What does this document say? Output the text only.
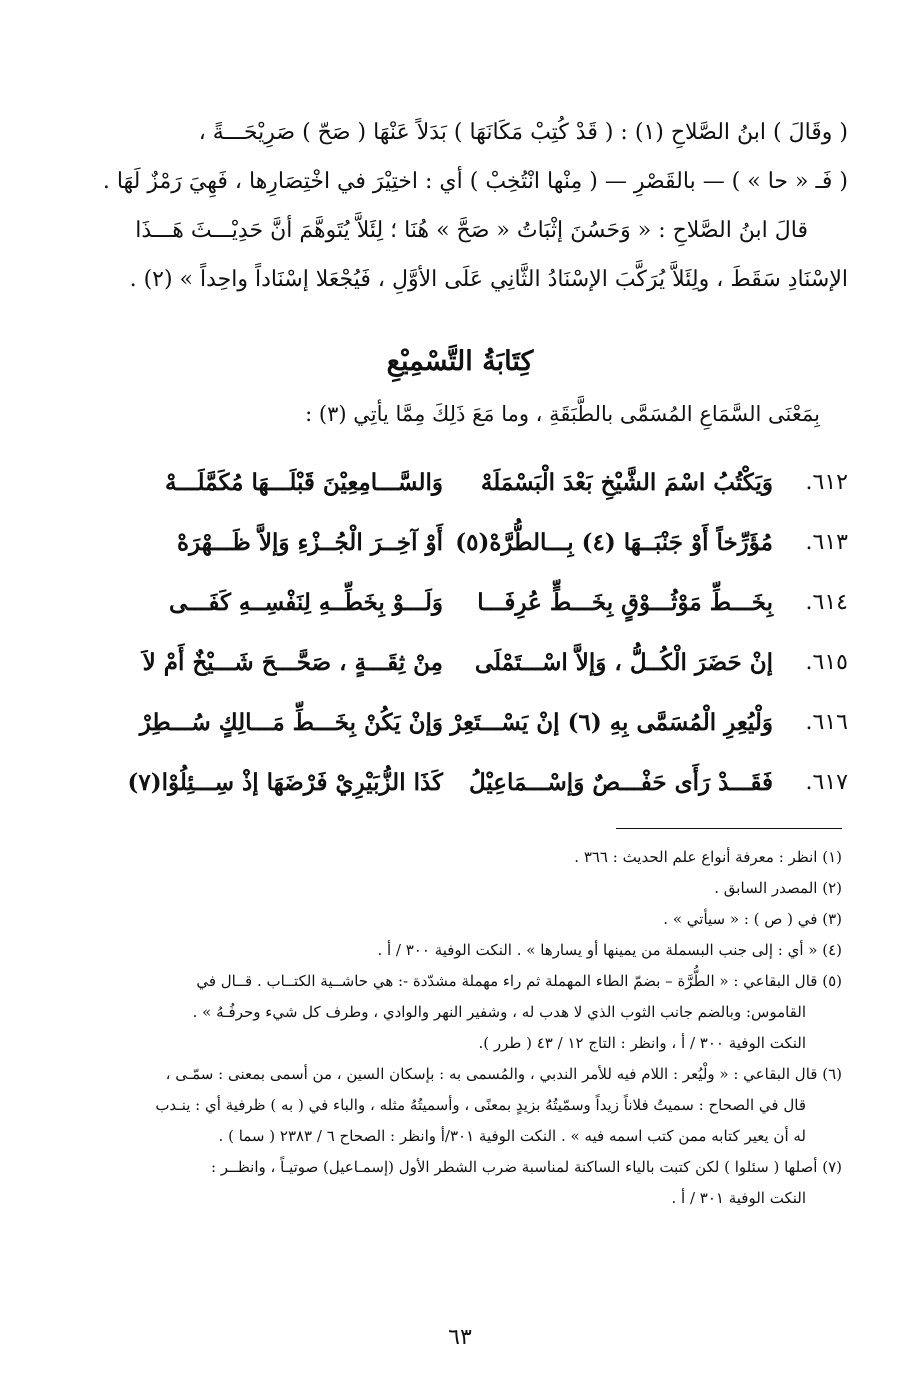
( وقَالَ ) ابنُ الصَّلاحِ (١) : ( قَدْ كُتِبْ مَكَانَهَا ) بَدَلاً عَنْهَا ( صَحّ ) صَرِيْحَـــةً ،

( فَـ « حا » ) — بالقَصْرِ — ( مِنْها انْتُخِبْ ) أي : اختِيْرَ في اخْتِصَارِها ، فَهِيَ رَمْزٌ لَهَا .

قالَ ابنُ الصَّلاحِ : « وَحَسُنَ إثْبَاتُ « صَحَّ » هُنَا ؛ لِئَلاَّ يُتَوهَّمَ أنَّ حَدِيْـــثَ هَـــذَا

الإسْنَادِ سَقَطَ ، ولِئَلاَّ يُرَكَّبَ الإسْنَادُ الثَّانِي عَلَى الأوَّلِ ، فَيُجْعَلا إسْنَاداً واحِداً » (٢) .

كِتَابَةُ التَّسْمِيْعِ

بِمَعْنَى السَّمَاعِ المُسَمَّى بالطَّبَقَةِ ، وما مَعَ ذَلِكَ مِمَّا يأتِي (٣) :

٦١٢.
وَيَكْتُبُ اسْمَ الشَّيْخِ بَعْدَ الْبَسْمَلَهْ
وَالسَّـــامِعِيْنَ قَبْلَـــهَا مُكَمَّلَـــهْ
٦١٣.
مُؤَرِّخاً أَوْ جَنْبَــهَا (٤) بِـــالطُّرَّهْ(٥)
أَوْ آخِــرَ الْجُــزْءِ وَإلاَّ ظَـــهْرَهْ
٦١٤.
بِخَـــطِّ مَوْثُـــوْقٍ بِخَـــطٍّ عُرِفَـــا
وَلَـــوْ بِخَطِّــهِ لِنَفْسِــهِ كَفَـــى
٦١٥.
إنْ حَضَرَ الْكُــلُّ ، وَإلاَّ اسْـــتَمْلَى
مِنْ ثِقَـــةٍ ، صَحَّـــحَ شَـــيْخٌ أَمْ لاَ
٦١٦.
وَلْيُعِرِ الْمُسَمَّى بِهِ (٦) إنْ يَسْـــتَعِرْ
وَإنْ يَكُنْ بِخَـــطِّ مَـــالِكٍ سُـــطِرْ
٦١٧.
فَقَـــدْ رَأَى حَفْـــصٌ وَإسْـــمَاعِيْلُ
كَذَا الزُّبَيْرِيْ فَرْضَهَا إذْ سِـــئِلُوْا(٧)

(١) انظر : معرفة أنواع علم الحديث : ٣٦٦ .

(٢) المصدر السابق .

(٣) في ( ص ) : « سيأتي » .

(٤) « أي : إلى جنب البسملة من يمينها أو يسارها » . النكت الوفية ٣٠٠ / أ .

(٥) قال البقاعي : « الطُّرَّة – بضمّ الطاء المهملة ثم راء مهملة مشدّدة -: هي حاشــية الكتــاب . قــال في
القاموس: وبالضم جانب الثوب الذي لا هدب له ، وشفير النهر والوادي ، وطرف كل شيء وحرفُـهُ » .
النكت الوفية ٣٠٠ / أ ، وانظر : التاج ١٢ / ٤٣ ( طرر ).

(٦) قال البقاعي : « ولْيُعر : اللام فيه للأمر الندبي ، والمُسمى به : بإسكان السين ، من أسمى بمعنى : سمّـى ،
قال في الصحاح : سميتُ فلاناً زيداً وسمّيتُهُ بزيدٍ بمعنًى ، وأسميتُهُ مثله ، والباء في ( به ) ظرفية أي : ينـدب
له أن يعير كتابه ممن كتب اسمه فيه » . النكت الوفية ٣٠١/أ وانظر : الصحاح ٦ / ٢٣٨٣ ( سما ) .

(٧) أصلها ( سئلوا ) لكن كتبت بالياء الساكنة لمناسبة ضرب الشطر الأول (إسمـاعيل) صوتيـاً ، وانظــر :
النكت الوفية ٣٠١ / أ .

٦٣
